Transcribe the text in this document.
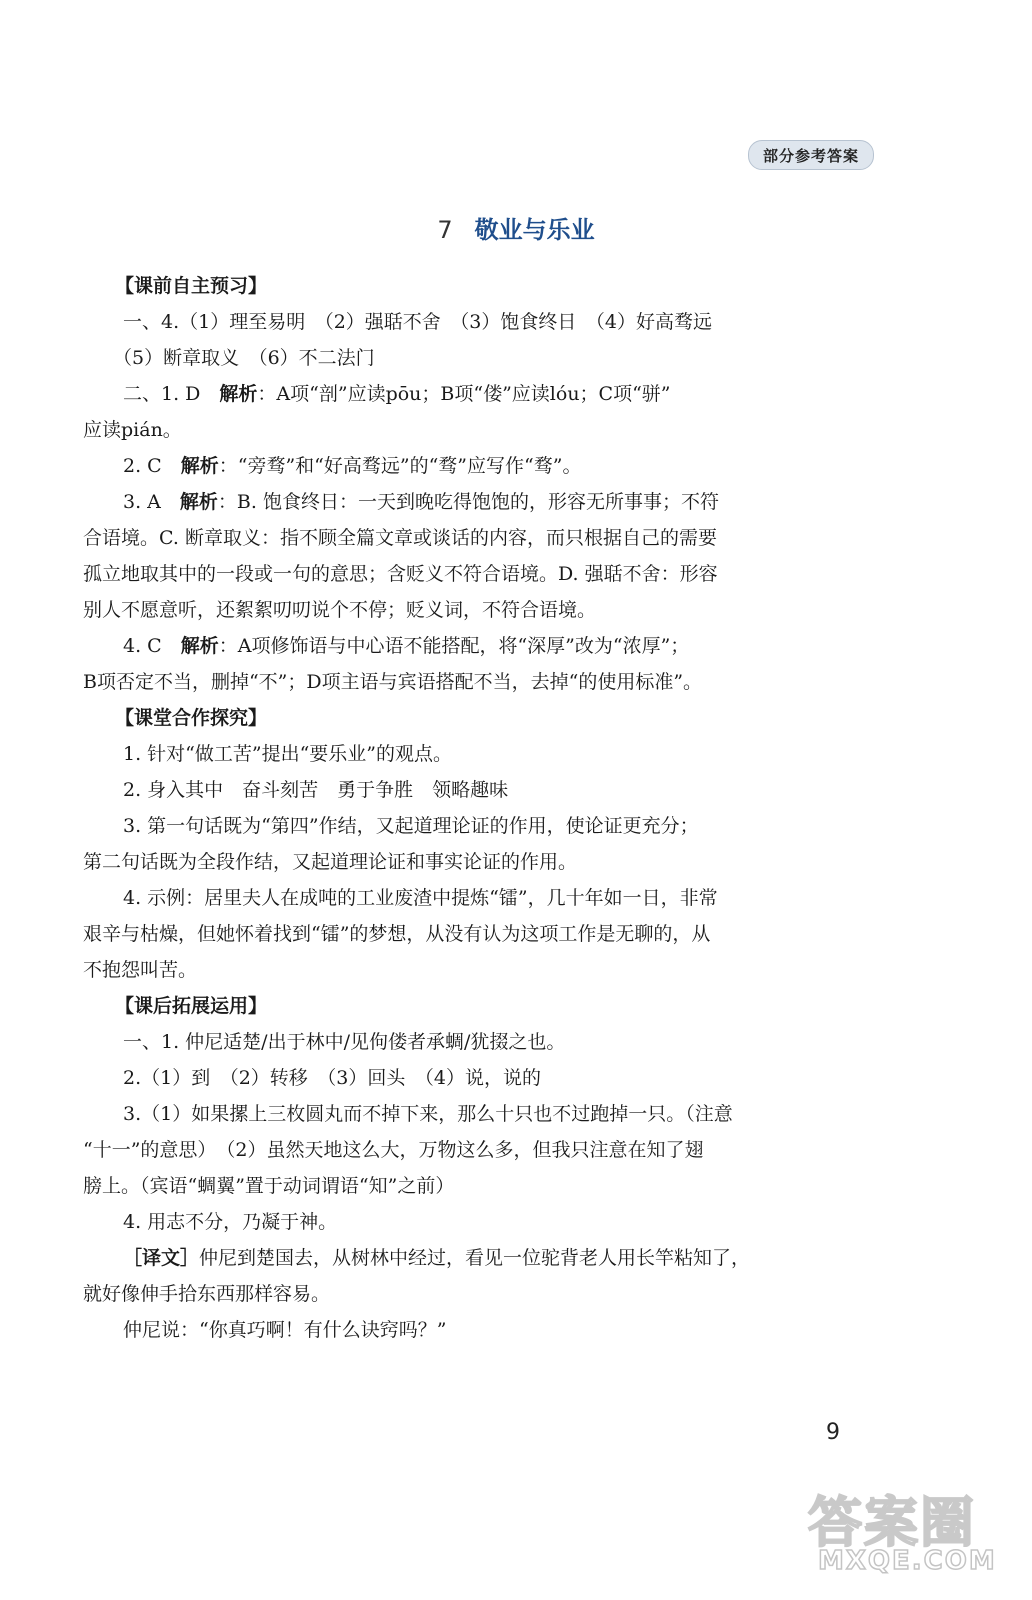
部分参考答案
7 敬业与乐业
【课前自主预习】
一、4.（1）理至易明　（2）强聒不舍　（3）饱食终日　（4）好高骛远
（5）断章取义　（6）不二法门
二、1. D　解析：A项“剖”应读pōu；B项“偻”应读lóu；C项“骈”
应读pián。
2. C　解析：“旁骛”和“好高骛远”的“骛”应写作“骛”。
3. A　解析：B. 饱食终日：一天到晚吃得饱饱的，形容无所事事；不符
合语境。C. 断章取义：指不顾全篇文章或谈话的内容，而只根据自己的需要
孤立地取其中的一段或一句的意思；含贬义不符合语境。D. 强聒不舍：形容
别人不愿意听，还絮絮叨叨说个不停；贬义词，不符合语境。
4. C　解析：A项修饰语与中心语不能搭配，将“深厚”改为“浓厚”；
B项否定不当，删掉“不”；D项主语与宾语搭配不当，去掉“的使用标准”。
【课堂合作探究】
1. 针对“做工苦”提出“要乐业”的观点。
2. 身入其中　奋斗刻苦　勇于争胜　领略趣味
3. 第一句话既为“第四”作结，又起道理论证的作用，使论证更充分；
第二句话既为全段作结，又起道理论证和事实论证的作用。
4. 示例：居里夫人在成吨的工业废渣中提炼“镭”，几十年如一日，非常
艰辛与枯燥，但她怀着找到“镭”的梦想，从没有认为这项工作是无聊的，从
不抱怨叫苦。
【课后拓展运用】
一、1. 仲尼适楚/出于林中/见佝偻者承蜩/犹掇之也。
2.（1）到　（2）转移　（3）回头　（4）说，说的
3.（1）如果摞上三枚圆丸而不掉下来，那么十只也不过跑掉一只。（注意
“十一”的意思）　（2）虽然天地这么大，万物这么多，但我只注意在知了翅
膀上。（宾语“蜩翼”置于动词谓语“知”之前）
4. 用志不分，乃凝于神。
［译文］仲尼到楚国去，从树林中经过，看见一位驼背老人用长竿粘知了，
就好像伸手拾东西那样容易。
仲尼说：“你真巧啊！有什么诀窍吗？”
9
答案圈
MXQE.COM
